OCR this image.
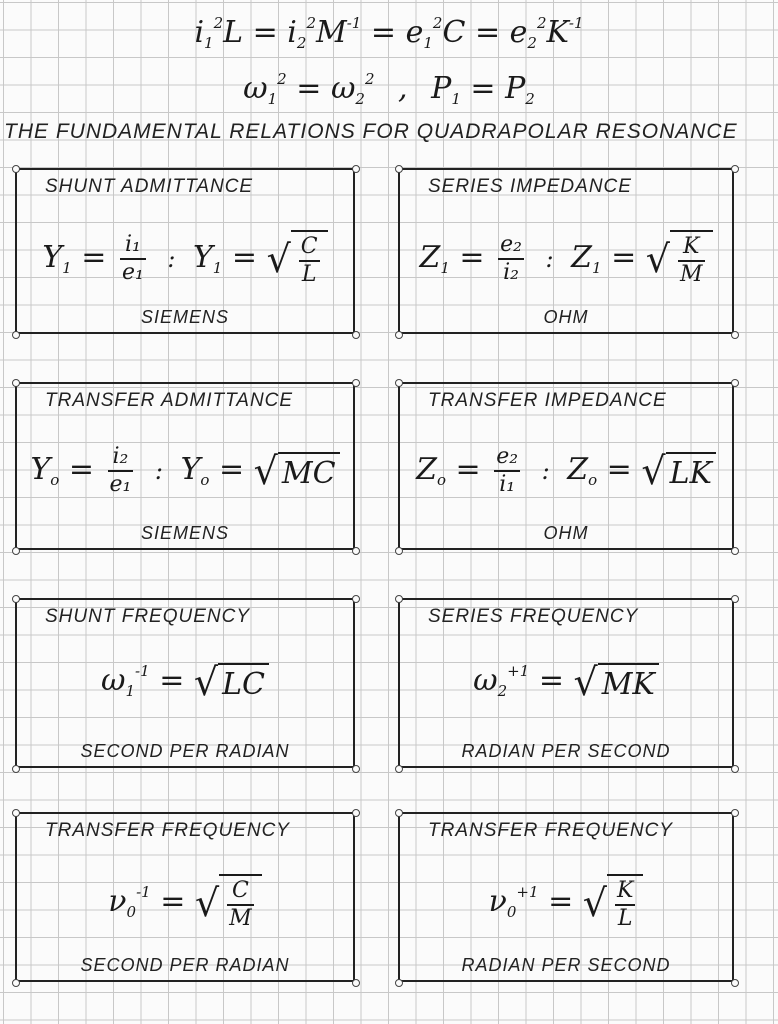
$i_1^2L = i_2^2M^{-1} = e_1^2C = e_2^2K^{-1}$
$\omega_1^2 = \omega_2^2$ , $P_1 = P_2$
THE FUNDAMENTAL RELATIONS FOR QUADRAPOLAR RESONANCE
SHUNT ADMITTANCE
$Y_1 = \frac{\text{i₁}}{\text{e₁}}$ : $Y_1$ = √ $\frac{C}{L}$
SIEMENS
SERIES IMPEDANCE
$Z_1 = \frac{\text{e₂}}{\text{i₂}}$ : $Z_1$ = √ $\frac{K}{M}$
OHM
TRANSFER ADMITTANCE
$Y_o = \frac{\text{i₂}}{\text{e₁}}$ : $Y_o$ = √ MC
SIEMENS
TRANSFER IMPEDANCE
$Z_o = \frac{\text{e₂}}{\text{i₁}}$ : $Z_o$ = √ LK
OHM
SHUNT FREQUENCY
$\omega_1^{-1}$ = √ LC
SECOND PER RADIAN
SERIES FREQUENCY
$\omega_2^{+1}$ = √ MK
RADIAN PER SECOND
TRANSFER FREQUENCY
$\nu_0^{-1}$ = √ $\frac{C}{M}$
SECOND PER RADIAN
TRANSFER FREQUENCY
$\nu_0^{+1}$ = √ $\frac{K}{L}$
RADIAN PER SECOND
